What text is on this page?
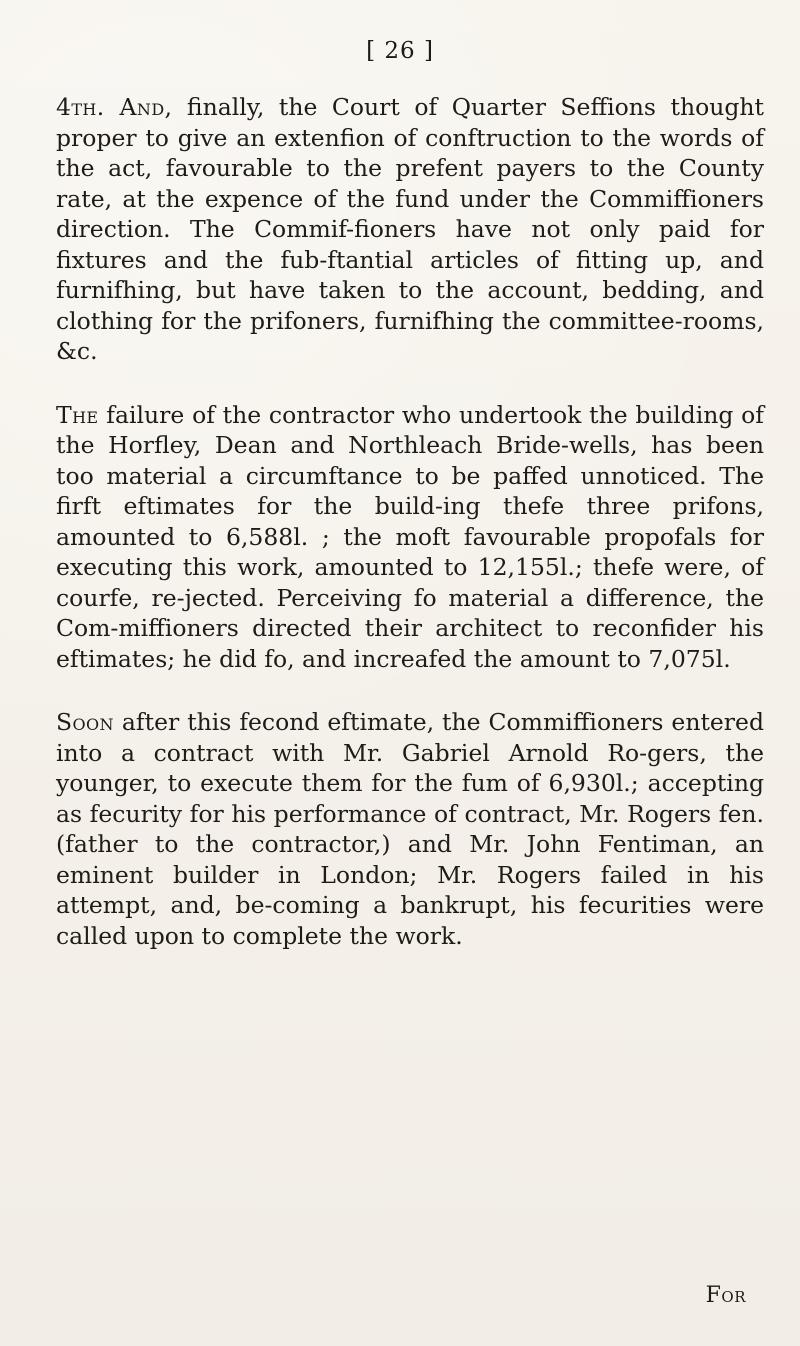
[ 26 ]

4th. And, finally, the Court of Quarter Seffions thought proper to give an extenfion of conftruction to the words of the act, favourable to the prefent payers to the County rate, at the expence of the fund under the Commiffioners direction. The Commif-fioners have not only paid for fixtures and the fub-ftantial articles of fitting up, and furnifhing, but have taken to the account, bedding, and clothing for the prifoners, furnifhing the committee-rooms, &c.

The failure of the contractor who undertook the building of the Horfley, Dean and Northleach Bride-wells, has been too material a circumftance to be paffed unnoticed. The firft eftimates for the build-ing thefe three prifons, amounted to 6,588l. ; the moft favourable propofals for executing this work, amounted to 12,155l.; thefe were, of courfe, re-jected. Perceiving fo material a difference, the Com-miffioners directed their architect to reconfider his eftimates; he did fo, and increafed the amount to 7,075l.

Soon after this fecond eftimate, the Commiffioners entered into a contract with Mr. Gabriel Arnold Ro-gers, the younger, to execute them for the fum of 6,930l.; accepting as fecurity for his performance of contract, Mr. Rogers fen. (father to the contractor,) and Mr. John Fentiman, an eminent builder in London; Mr. Rogers failed in his attempt, and, be-coming a bankrupt, his fecurities were called upon to complete the work.

For
